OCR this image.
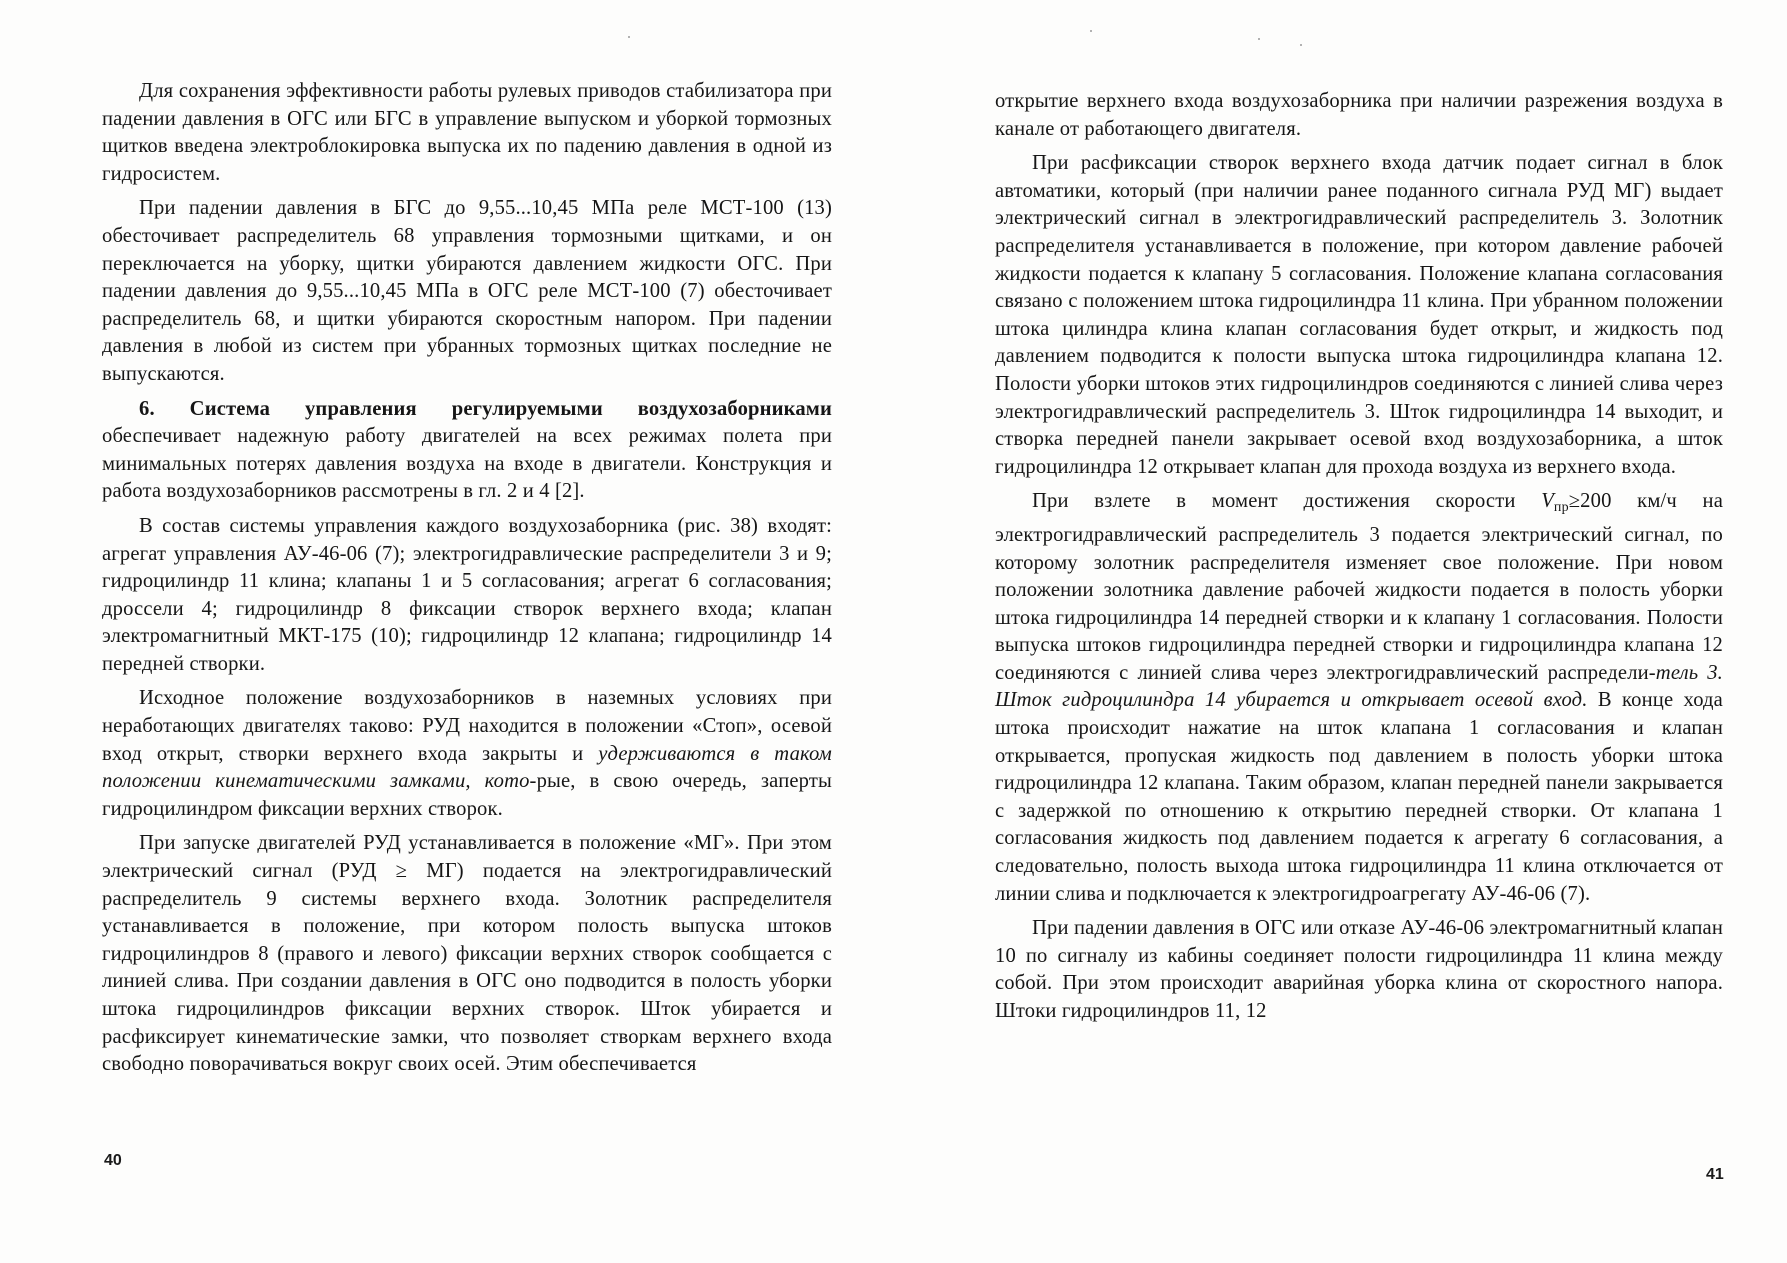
Для сохранения эффективности работы рулевых приводов стабилизатора при падении давления в ОГС или БГС в управление выпуском и уборкой тормозных щитков введена электроблокировка выпуска их по падению давления в одной из гидросистем.

При падении давления в БГС до 9,55...10,45 МПа реле МСТ-100 (13) обесточивает распределитель 68 управления тормозными щитками, и он переключается на уборку, щитки убираются давлением жидкости ОГС. При падении давления до 9,55...10,45 МПа в ОГС реле МСТ-100 (7) обесточивает распределитель 68, и щитки убираются скоростным напором. При падении давления в любой из систем при убранных тормозных щитках последние не выпускаются.

6. Система управления регулируемыми воздухозаборниками обеспечивает надежную работу двигателей на всех режимах полета при минимальных потерях давления воздуха на входе в двигатели. Конструкция и работа воздухозаборников рассмотрены в гл. 2 и 4 [2].

В состав системы управления каждого воздухозаборника (рис. 38) входят: агрегат управления АУ-46-06 (7); электрогидравлические распределители 3 и 9; гидроцилиндр 11 клина; клапаны 1 и 5 согласования; агрегат 6 согласования; дроссели 4; гидроцилиндр 8 фиксации створок верхнего входа; клапан электромагнитный МКТ-175 (10); гидроцилиндр 12 клапана; гидроцилиндр 14 передней створки.

Исходное положение воздухозаборников в наземных условиях при неработающих двигателях таково: РУД находится в положении «Стоп», осевой вход открыт, створки верхнего входа закрыты и удерживаются в таком положении кинематическими замками, кото-рые, в свою очередь, заперты гидроцилиндром фиксации верхних створок.

При запуске двигателей РУД устанавливается в положение «МГ». При этом электрический сигнал (РУД ≥ МГ) подается на электрогидравлический распределитель 9 системы верхнего входа. Золотник распределителя устанавливается в положение, при котором полость выпуска штоков гидроцилиндров 8 (правого и левого) фиксации верхних створок сообщается с линией слива. При создании давления в ОГС оно подводится в полость уборки штока гидроцилиндров фиксации верхних створок. Шток убирается и расфиксирует кинематические замки, что позволяет створкам верхнего входа свободно поворачиваться вокруг своих осей. Этим обеспечивается

40

открытие верхнего входа воздухозаборника при наличии разрежения воздуха в канале от работающего двигателя.

При расфиксации створок верхнего входа датчик подает сигнал в блок автоматики, который (при наличии ранее поданного сигнала РУД МГ) выдает электрический сигнал в электрогидравлический распределитель 3. Золотник распределителя устанавливается в положение, при котором давление рабочей жидкости подается к клапану 5 согласования. Положение клапана согласования связано с положением штока гидроцилиндра 11 клина. При убранном положении штока цилиндра клина клапан согласования будет открыт, и жидкость под давлением подводится к полости выпуска штока гидроцилиндра клапана 12. Полости уборки штоков этих гидроцилиндров соединяются с линией слива через электрогидравлический распределитель 3. Шток гидроцилиндра 14 выходит, и створка передней панели закрывает осевой вход воздухозаборника, а шток гидроцилиндра 12 открывает клапан для прохода воздуха из верхнего входа.

При взлете в момент достижения скорости $V_{пр}\ge 200$ км/ч на электрогидравлический распределитель 3 подается электрический сигнал, по которому золотник распределителя изменяет свое положение. При новом положении золотника давление рабочей жидкости подается в полость уборки штока гидроцилиндра 14 передней створки и к клапану 1 согласования. Полости выпуска штоков гидроцилиндра передней створки и гидроцилиндра клапана 12 соединяются с линией слива через электрогидравлический распредели-тель 3. Шток гидроцилиндра 14 убирается и открывает осевой вход. В конце хода штока происходит нажатие на шток клапана 1 согласования и клапан открывается, пропуская жидкость под давлением в полость уборки штока гидроцилиндра 12 клапана. Таким образом, клапан передней панели закрывается с задержкой по отношению к открытию передней створки. От клапана 1 согласования жидкость под давлением подается к агрегату 6 согласования, а следовательно, полость выхода штока гидроцилиндра 11 клина отключается от линии слива и подключается к электрогидроагрегату АУ-46-06 (7).

При падении давления в ОГС или отказе АУ-46-06 электромагнитный клапан 10 по сигналу из кабины соединяет полости гидроцилиндра 11 клина между собой. При этом происходит аварийная уборка клина от скоростного напора. Штоки гидроцилиндров 11, 12

41
